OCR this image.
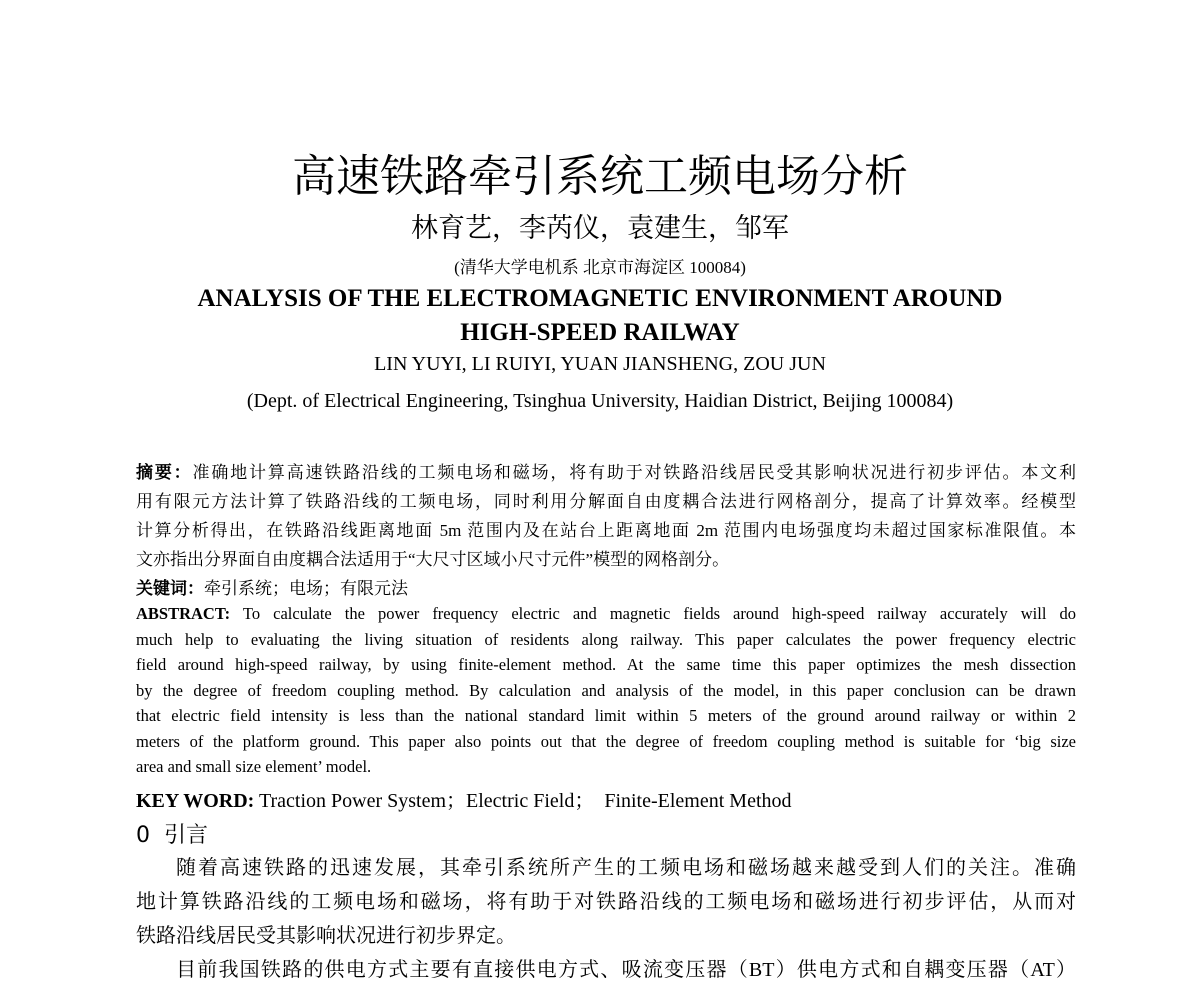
高速铁路牵引系统工频电场分析
林育艺，李芮仪，袁建生，邹军
(清华大学电机系 北京市海淀区 100084)
ANALYSIS OF THE ELECTROMAGNETIC ENVIRONMENT AROUND
HIGH-SPEED RAILWAY
LIN YUYI, LI RUIYI, YUAN JIANSHENG, ZOU JUN
(Dept. of Electrical Engineering, Tsinghua University, Haidian District, Beijing 100084)
摘要：准确地计算高速铁路沿线的工频电场和磁场，将有助于对铁路沿线居民受其影响状况进行初步评估。本文利
用有限元方法计算了铁路沿线的工频电场，同时利用分解面自由度耦合法进行网格剖分，提高了计算效率。经模型
计算分析得出，在铁路沿线距离地面 5m 范围内及在站台上距离地面 2m 范围内电场强度均未超过国家标准限值。本
文亦指出分界面自由度耦合法适用于“大尺寸区域小尺寸元件”模型的网格剖分。
关键词：牵引系统；电场；有限元法
ABSTRACT: To calculate the power frequency electric and magnetic fields around high-speed railway accurately will do
much help to evaluating the living situation of residents along railway. This paper calculates the power frequency electric
field around high-speed railway, by using finite-element method. At the same time this paper optimizes the mesh dissection
by the degree of freedom coupling method. By calculation and analysis of the model, in this paper conclusion can be drawn
that electric field intensity is less than the national standard limit within 5 meters of the ground around railway or within 2
meters of the platform ground. This paper also points out that the degree of freedom coupling method is suitable for ‘big size
area and small size element’ model.
KEY WORD: Traction Power System；Electric Field；  Finite-Element Method
0  引言
随着高速铁路的迅速发展，其牵引系统所产生的工频电场和磁场越来越受到人们的关注。准确
地计算铁路沿线的工频电场和磁场，将有助于对铁路沿线的工频电场和磁场进行初步评估，从而对
铁路沿线居民受其影响状况进行初步界定。
目前我国铁路的供电方式主要有直接供电方式、吸流变压器（BT）供电方式和自耦变压器（AT）
